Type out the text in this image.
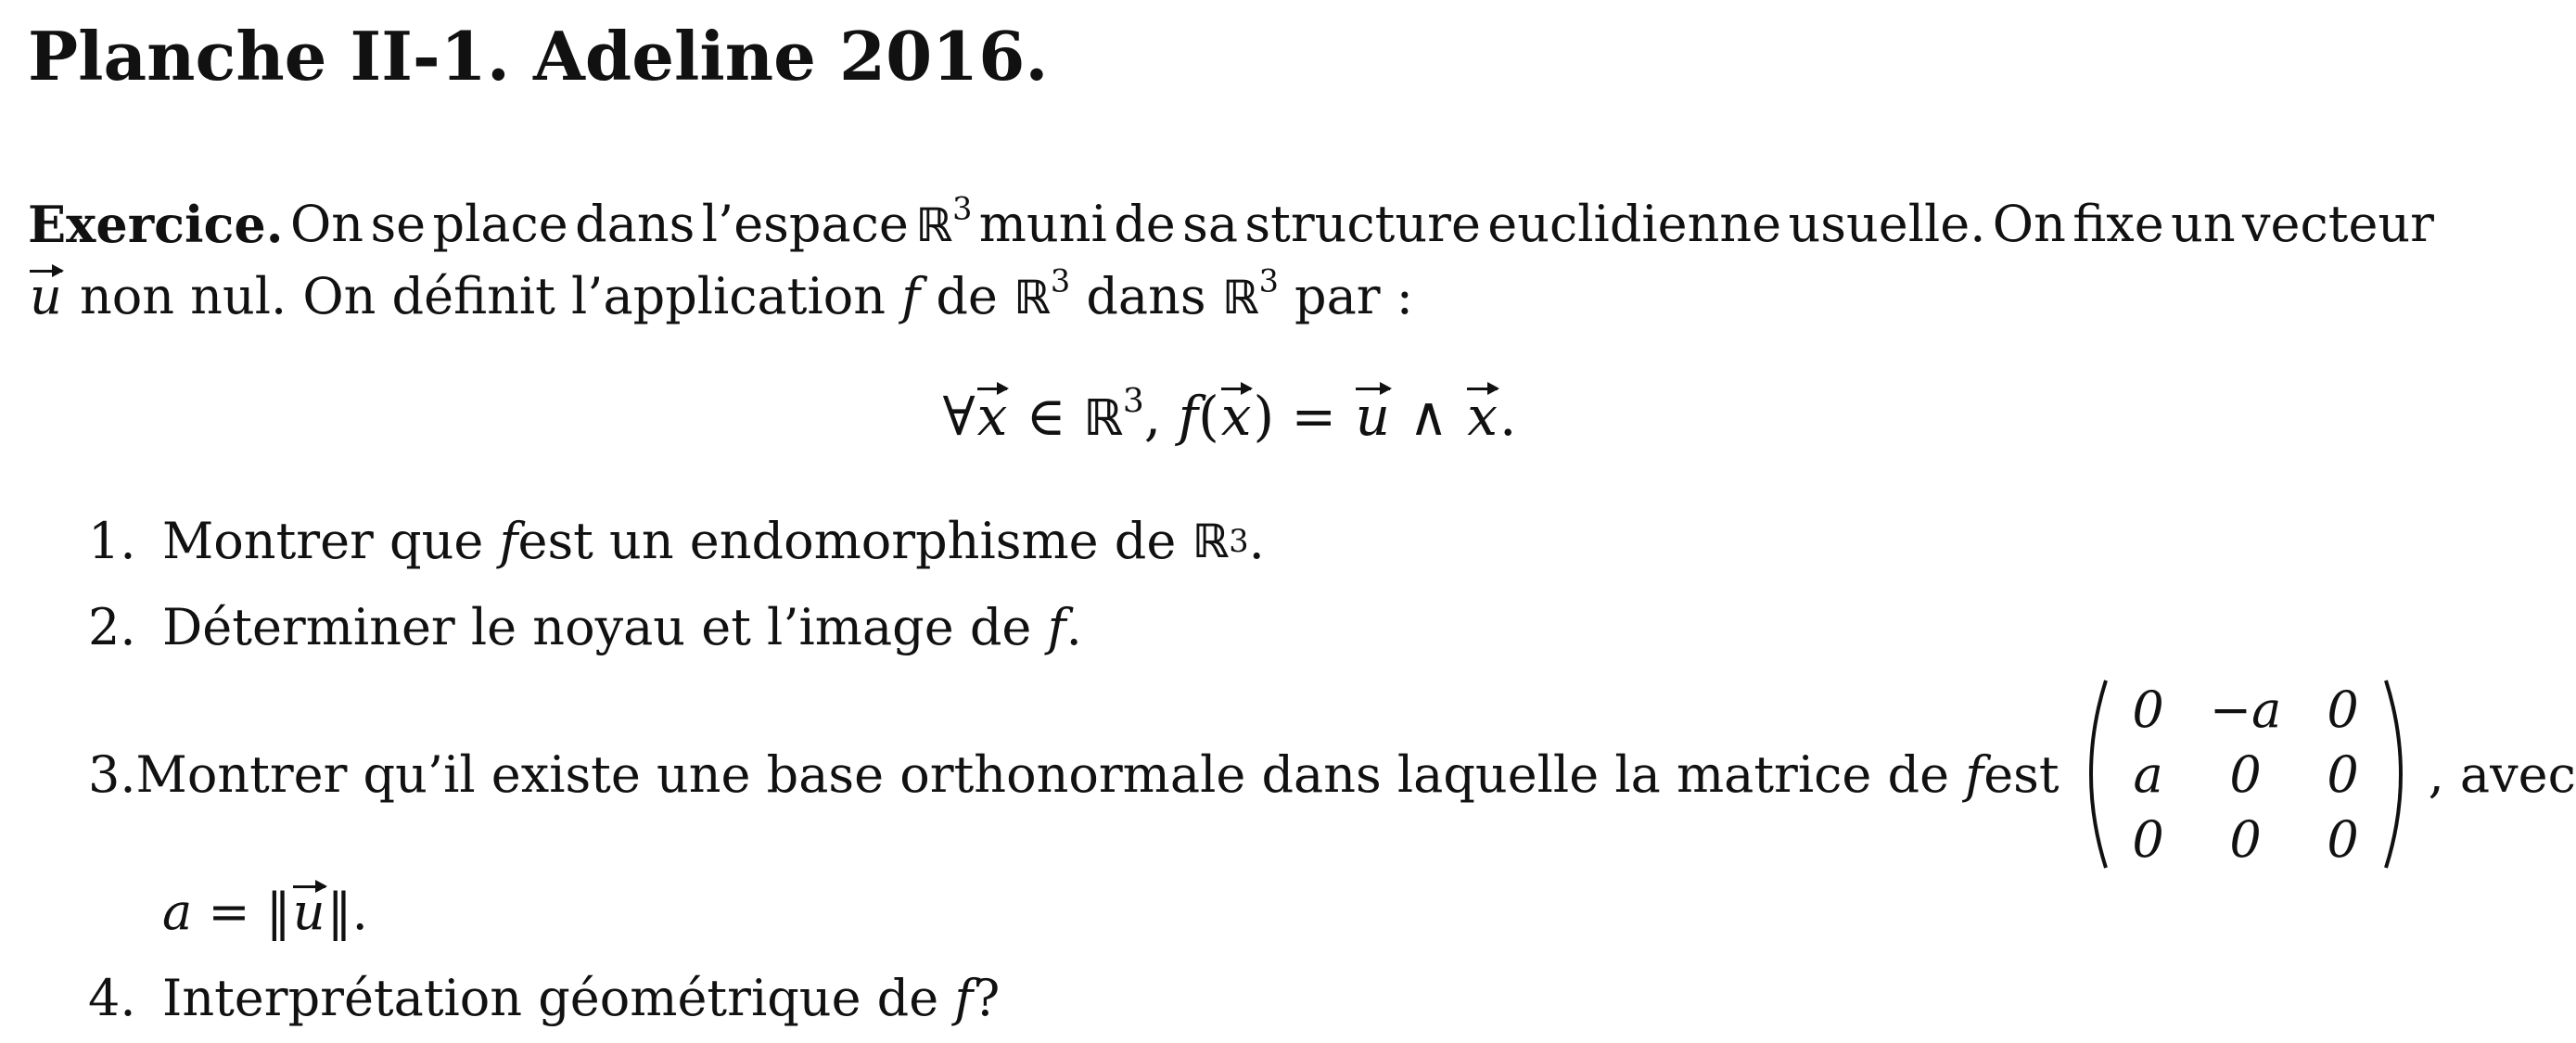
Planche II-1. Adeline 2016.
Exercice. On se place dans l’espace ℝ$^3$ muni de sa structure euclidienne usuelle. On fixe un vecteur
u non nul. On définit l’application f de ℝ$^3$ dans ℝ$^3$ par :
∀x ∈ ℝ$^3$, f(x) = u ∧ x.
1. Montrer que
f est un endomorphisme de
ℝ 3 .
2. Déterminer le noyau et l’image de
f .
3. Montrer qu’il existe une base orthonormale dans laquelle la matrice de
f est
0 −a 0
a 0 0
0 0 0
, avec
a = ‖u‖.
4. Interprétation géométrique de
f ?
